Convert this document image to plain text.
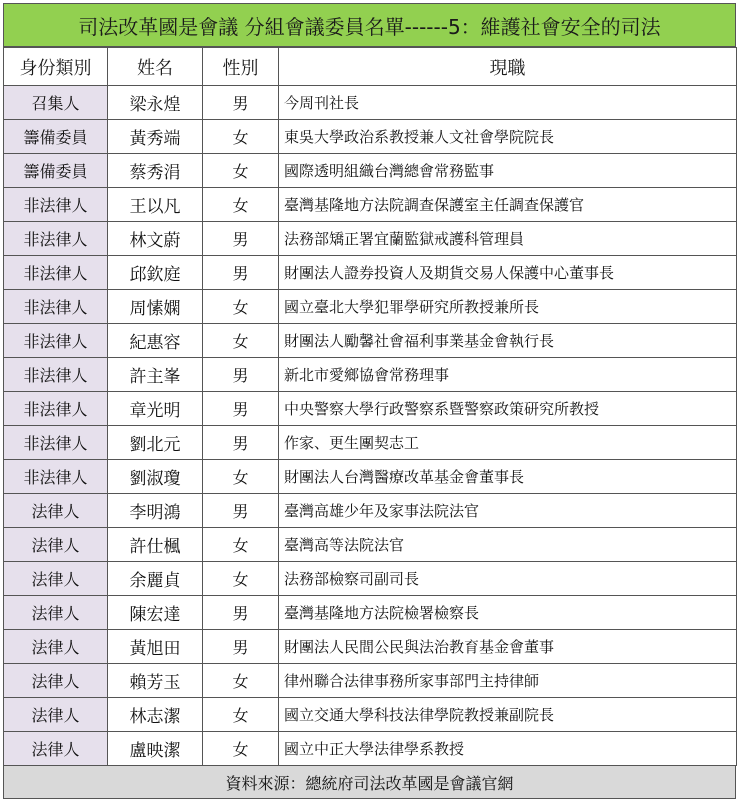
司法改革國是會議 分組會議委員名單------5：維護社會安全的司法
身份類別	姓名	性別	現職
召集人	梁永煌	男	今周刊社長
籌備委員	黃秀端	女	東吳大學政治系教授兼人文社會學院院長
籌備委員	蔡秀涓	女	國際透明組織台灣總會常務監事
非法律人	王以凡	女	臺灣基隆地方法院調查保護室主任調查保護官
非法律人	林文蔚	男	法務部矯正署宜蘭監獄戒護科管理員
非法律人	邱欽庭	男	財團法人證券投資人及期貨交易人保護中心董事長
非法律人	周愫嫻	女	國立臺北大學犯罪學研究所教授兼所長
非法律人	紀惠容	女	財團法人勵馨社會福利事業基金會執行長
非法律人	許主峯	男	新北市愛鄉協會常務理事
非法律人	章光明	男	中央警察大學行政警察系暨警察政策研究所教授
非法律人	劉北元	男	作家、更生團契志工
非法律人	劉淑瓊	女	財團法人台灣醫療改革基金會董事長
法律人	李明鴻	男	臺灣高雄少年及家事法院法官
法律人	許仕楓	女	臺灣高等法院法官
法律人	余麗貞	女	法務部檢察司副司長
法律人	陳宏達	男	臺灣基隆地方法院檢署檢察長
法律人	黃旭田	男	財團法人民間公民與法治教育基金會董事
法律人	賴芳玉	女	律州聯合法律事務所家事部門主持律師
法律人	林志潔	女	國立交通大學科技法律學院教授兼副院長
法律人	盧映潔	女	國立中正大學法律學系教授
資料來源：總統府司法改革國是會議官網
